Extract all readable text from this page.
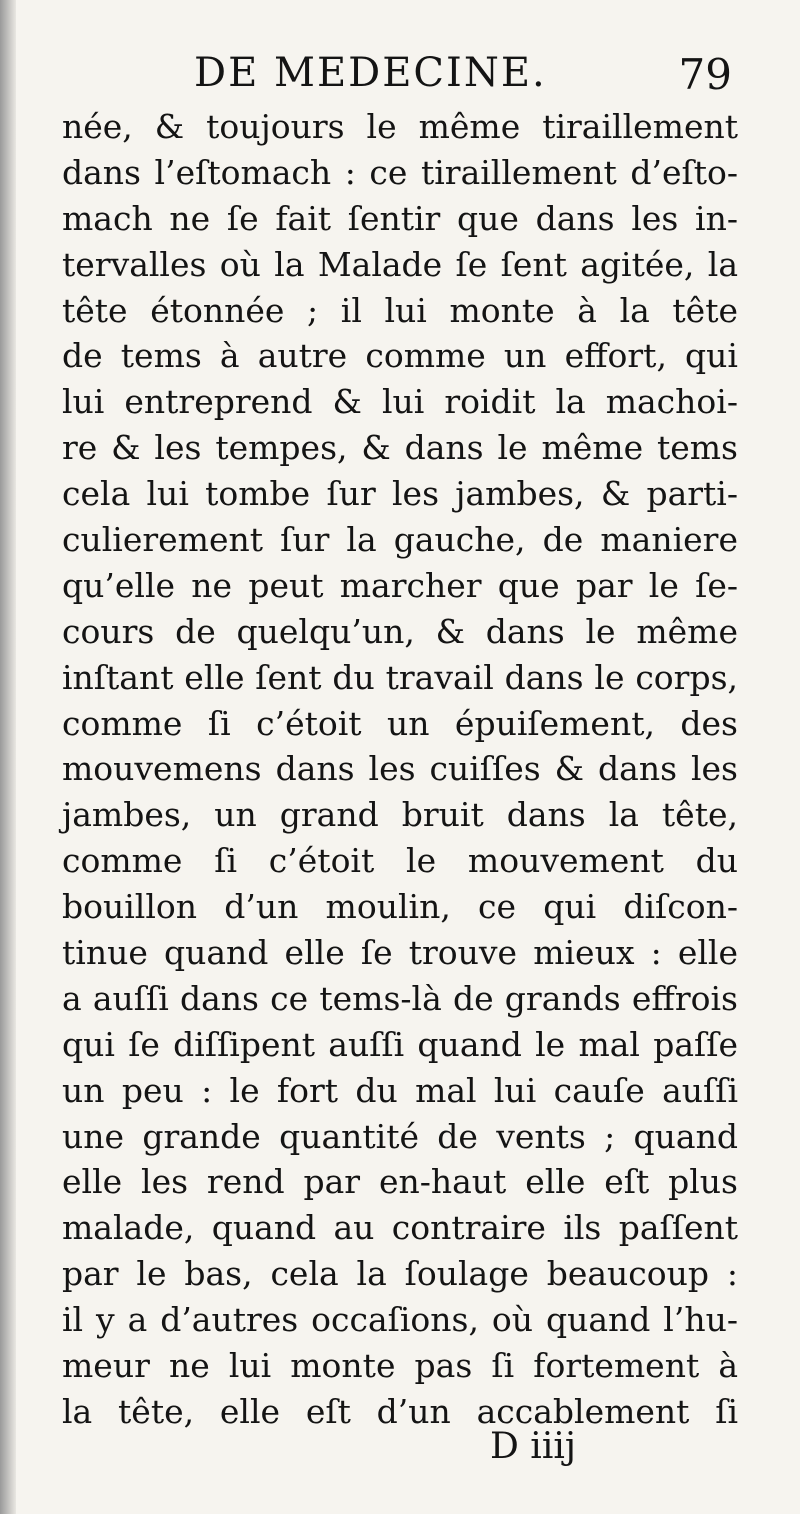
DE MEDECINE.	79
née, & toujours le même tiraillement
dans l’eſtomach : ce tiraillement d’eſto-
mach ne ſe fait ſentir que dans les in-
tervalles où la Malade ſe ſent agitée, la
tête étonnée ; il lui monte à la tête
de tems à autre comme un effort, qui
lui entreprend & lui roidit la machoi-
re & les tempes, & dans le même tems
cela lui tombe ſur les jambes, & parti-
culierement ſur la gauche, de maniere
qu’elle ne peut marcher que par le ſe-
cours de quelqu’un, & dans le même
inſtant elle ſent du travail dans le corps,
comme ſi c’étoit un épuiſement, des
mouvemens dans les cuiſſes & dans les
jambes, un grand bruit dans la tête,
comme ſi c’étoit le mouvement du
bouillon d’un moulin, ce qui diſcon-
tinue quand elle ſe trouve mieux : elle
a auſſi dans ce tems-là de grands effrois
qui ſe diſſipent auſſi quand le mal paſſe
un peu : le fort du mal lui cauſe auſſi
une grande quantité de vents ; quand
elle les rend par en-haut elle eſt plus
malade, quand au contraire ils paſſent
par le bas, cela la ſoulage beaucoup :
il y a d’autres occaſions, où quand l’hu-
meur ne lui monte pas ſi fortement à
la tête, elle eſt d’un accablement ſi
D iiij
